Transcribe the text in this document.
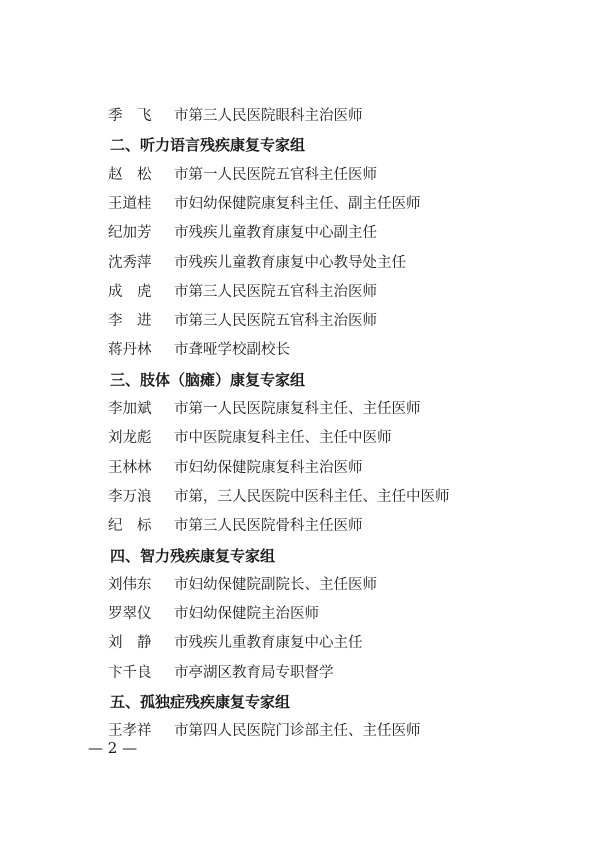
季　飞 市第三人民医院眼科主治医师
二、听力语言残疾康复专家组
赵　松 市第一人民医院五官科主任医师
王道桂 市妇幼保健院康复科主任、副主任医师
纪加芳 市残疾儿童教育康复中心副主任
沈秀萍 市残疾儿童教育康复中心教导处主任
成　虎 市第三人民医院五官科主治医师
李　进 市第三人民医院五官科主治医师
蒋丹林 市聋哑学校副校长
三、肢体（脑瘫）康复专家组
李加斌 市第一人民医院康复科主任、主任医师
刘龙彪 市中医院康复科主任、主任中医师
王林林 市妇幼保健院康复科主治医师
李万浪 市第，三人民医院中医科主任、主任中医师
纪　标 市第三人民医院骨科主任医师
四、智力残疾康复专家组
刘伟东 市妇幼保健院副院长、主任医师
罗翠仪 市妇幼保健院主治医师
刘　静 市残疾儿重教育康复中心主任
卞千良 市亭湖区教育局专职督学
五、孤独症残疾康复专家组
王孝祥 市第四人民医院门诊部主任、主任医师
— 2 —
